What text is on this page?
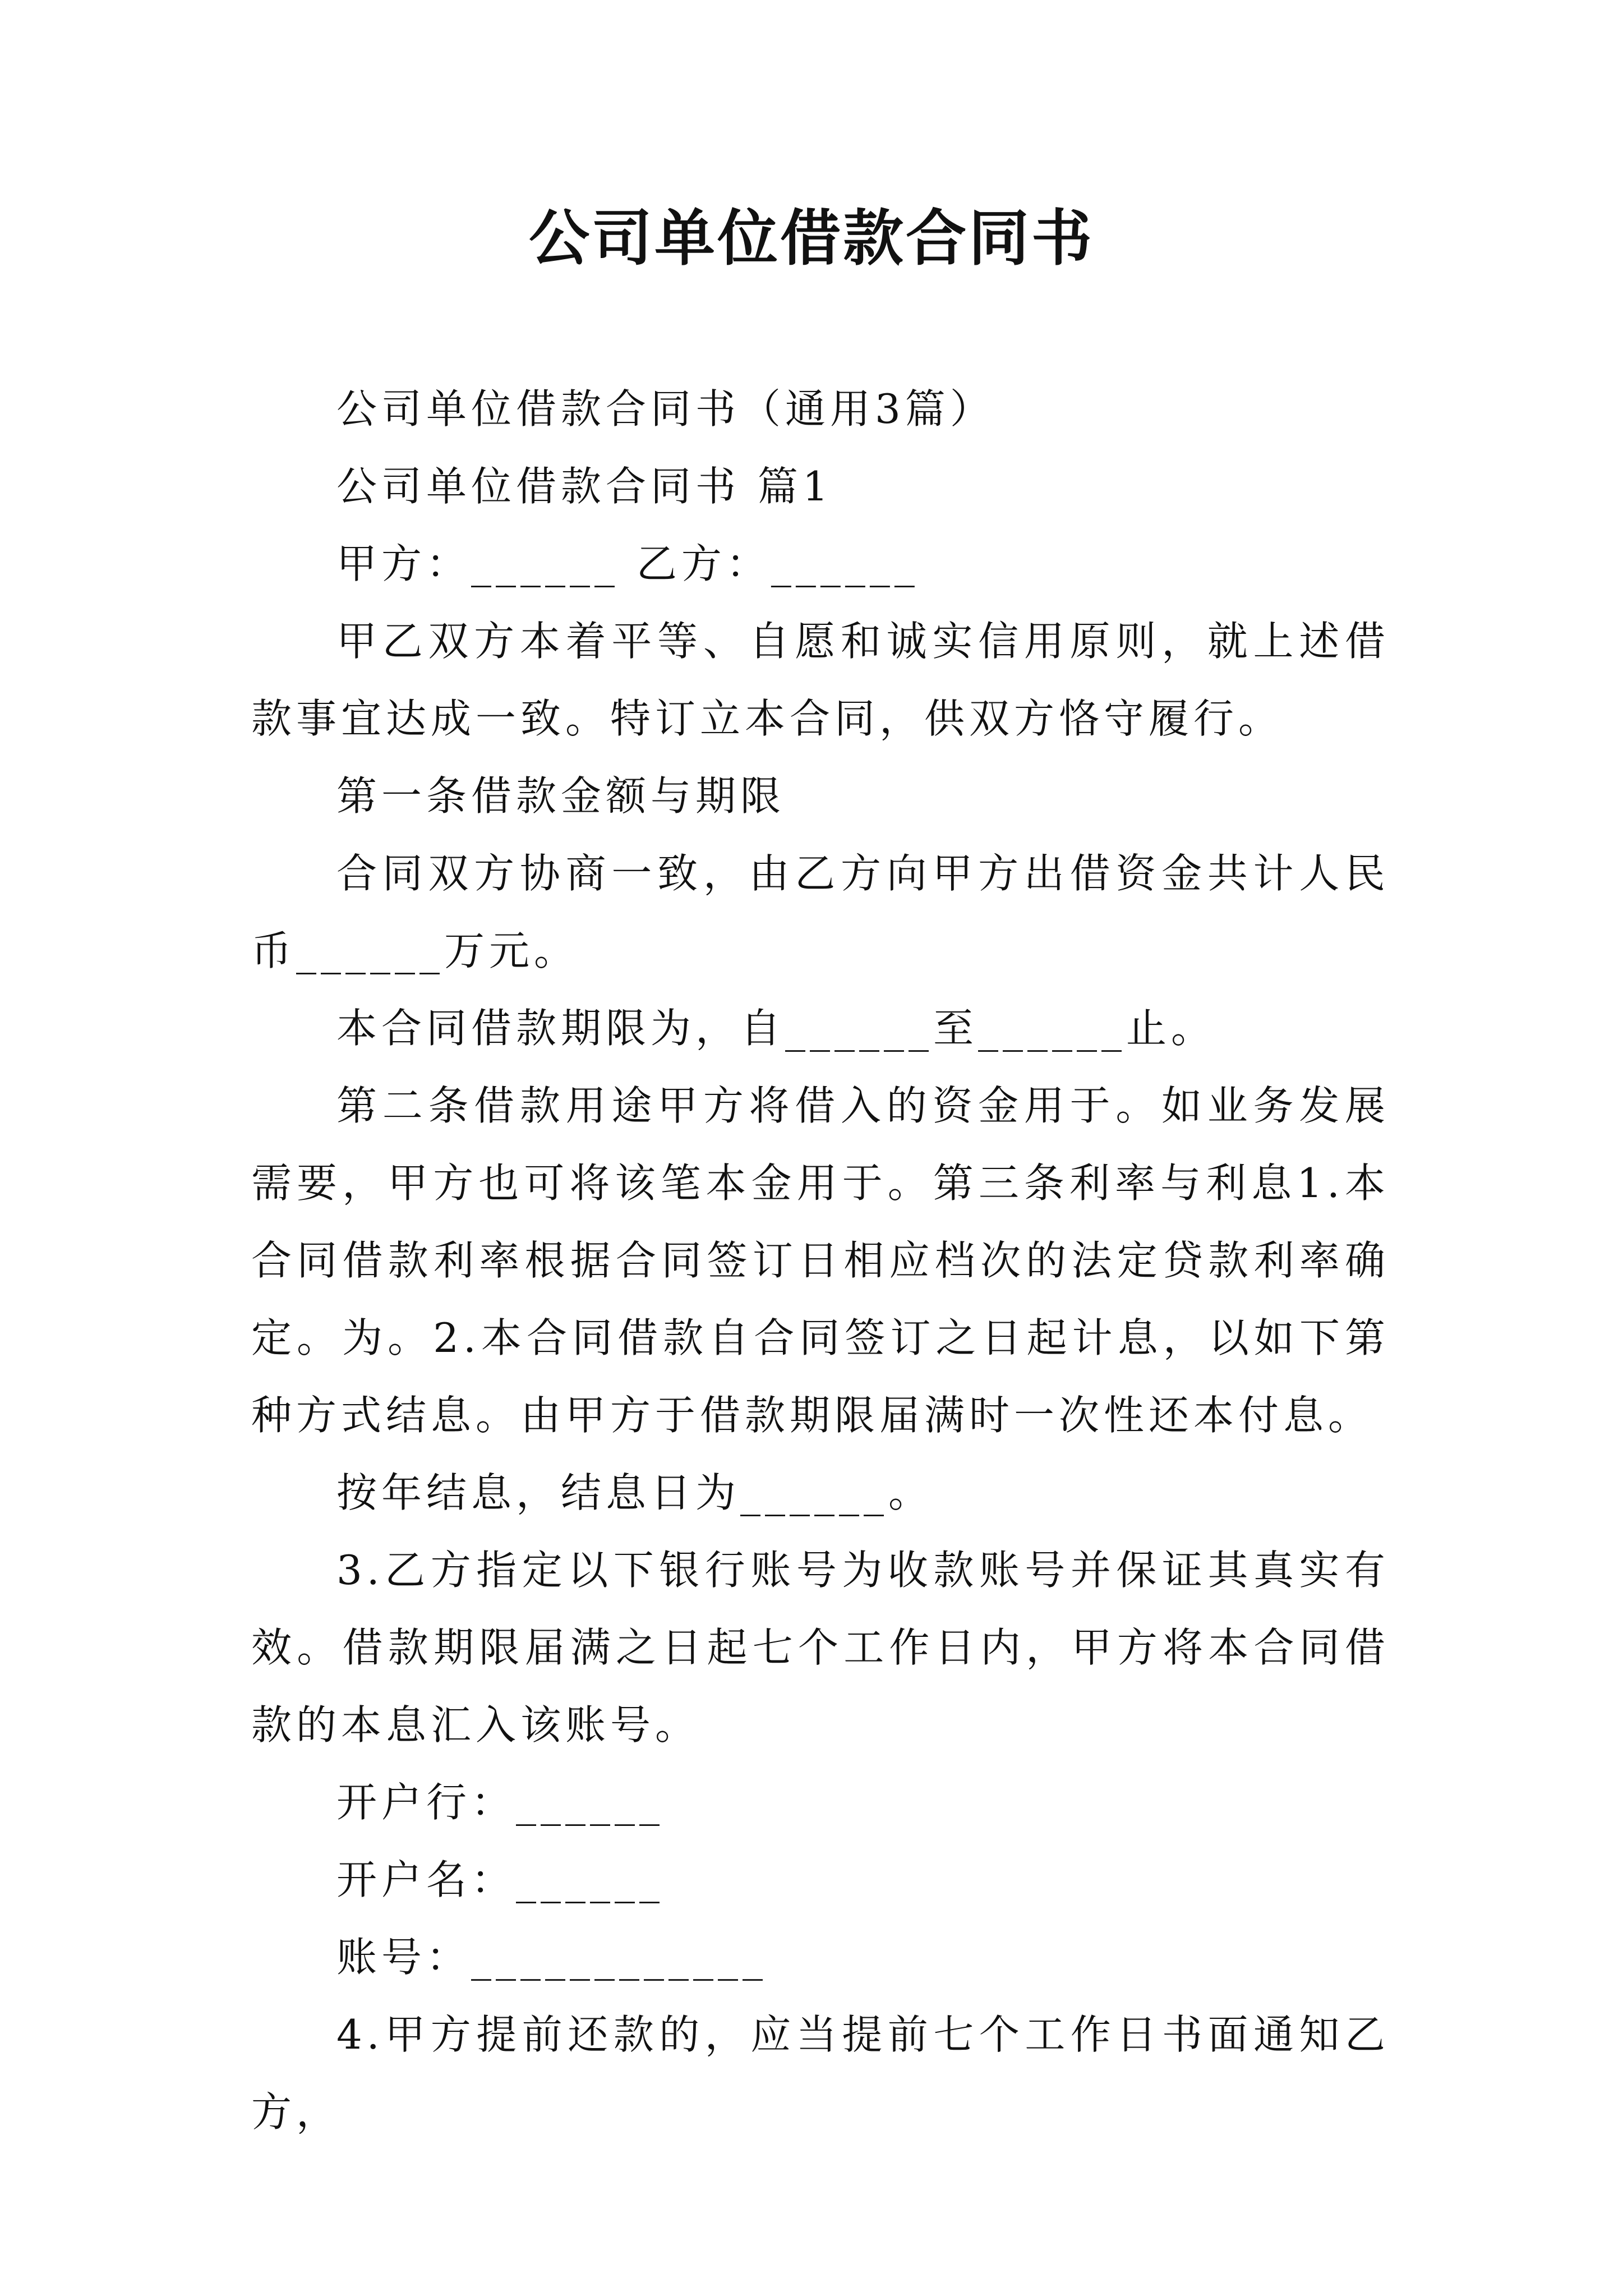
公司单位借款合同书

公司单位借款合同书（通用3篇）

公司单位借款合同书 篇1

甲方：______ 乙方：______

甲乙双方本着平等、自愿和诚实信用原则，就上述借款事宜达成一致。特订立本合同，供双方恪守履行。

第一条借款金额与期限

合同双方协商一致，由乙方向甲方出借资金共计人民币______万元。

本合同借款期限为，自______至______止。

第二条借款用途甲方将借入的资金用于。如业务发展需要，甲方也可将该笔本金用于。第三条利率与利息1.本合同借款利率根据合同签订日相应档次的法定贷款利率确定。为。2.本合同借款自合同签订之日起计息，以如下第种方式结息。由甲方于借款期限届满时一次性还本付息。

按年结息，结息日为______。

3.乙方指定以下银行账号为收款账号并保证其真实有效。借款期限届满之日起七个工作日内，甲方将本合同借款的本息汇入该账号。

开户行：______

开户名：______

账号：____________

4.甲方提前还款的，应当提前七个工作日书面通知乙方，
